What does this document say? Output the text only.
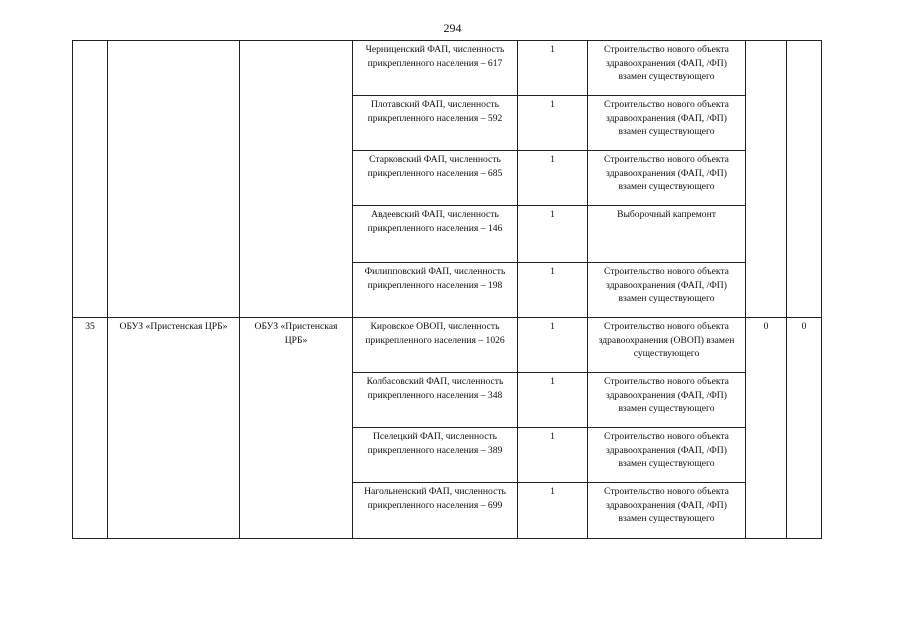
294

			Черниценский ФАП, численность прикрепленного населения – 617	1	Строительство нового объекта здравоохранения (ФАП, /ФП) взамен существующего		

			Плотавский ФАП, численность прикрепленного населения – 592	1	Строительство нового объекта здравоохранения (ФАП, /ФП) взамен существующего		

			Старковский ФАП, численность прикрепленного населения – 685	1	Строительство нового объекта здравоохранения (ФАП, /ФП) взамен существующего		

			Авдеевский ФАП, численность прикрепленного населения – 146	1	Выборочный капремонт		

			Филипповский ФАП, численность прикрепленного населения – 198	1	Строительство нового объекта здравоохранения (ФАП, /ФП) взамен существующего		

35	ОБУЗ «Пристенская ЦРБ»	ОБУЗ «Пристенская ЦРБ»	Кировское ОВОП, численность прикрепленного населения – 1026	1	Строительство нового объекта здравоохранения (ОВОП) взамен существующего	0	0

			Колбасовский ФАП, численность прикрепленного населения – 348	1	Строительство нового объекта здравоохранения (ФАП, /ФП) взамен существующего		

			Пселецкий ФАП, численность прикрепленного населения – 389	1	Строительство нового объекта здравоохранения (ФАП, /ФП) взамен существующего		

			Нагольненский ФАП, численность прикрепленного населения – 699	1	Строительство нового объекта здравоохранения (ФАП, /ФП) взамен существующего		
